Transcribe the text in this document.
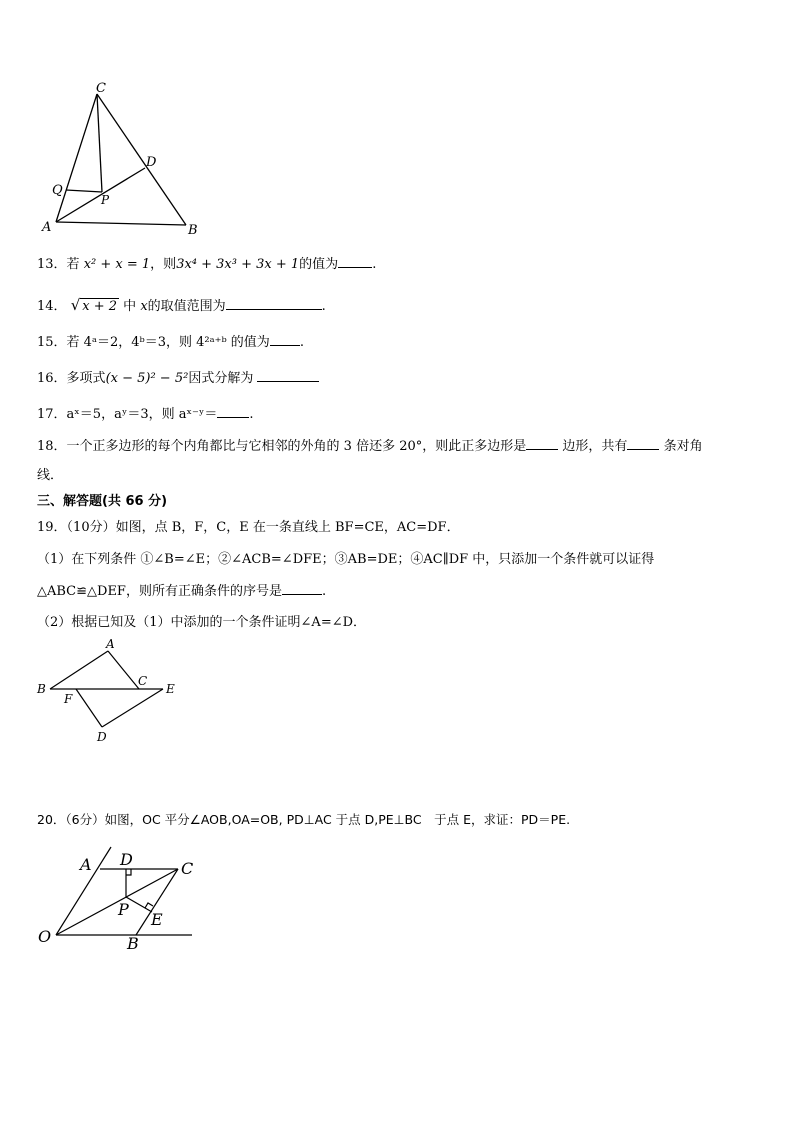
C
D
Q
P
A	B
13．若 x² + x = 1，则3x⁴ + 3x³ + 3x + 1的值为	.
14． √ x + 2 中 x的取值范围为	.
15．若 4ᵃ＝2，4ᵇ＝3，则 4²ᵃ⁺ᵇ 的值为 .
16．多项式(x − 5)² − 5²因式分解为
17．aˣ＝5，aʸ＝3，则 aˣ⁻ʸ＝ .
18．一个正多边形的每个内角都比与它相邻的外角的 3 倍还多 20°，则此正多边形是	边形，共有	条对角
线．
三、解答题(共 66 分)
19．（10分）如图，点 B，F，C，E 在一条直线上 BF=CE，AC=DF．
（1）在下列条件 ①∠B=∠E；②∠ACB=∠DFE；③AB=DE；④AC∥DF 中，只添加一个条件就可以证得
△ABC≌△DEF，则所有正确条件的序号是	.
（2）根据已知及（1）中添加的一个条件证明∠A=∠D．
A
B
C
E
F
D
20．（6分）如图，OC 平分∠AOB,OA=OB, PD⊥AC 于点 D,PE⊥BC　于点 E，求证：PD＝PE.
A D	C
P
E
O	B
